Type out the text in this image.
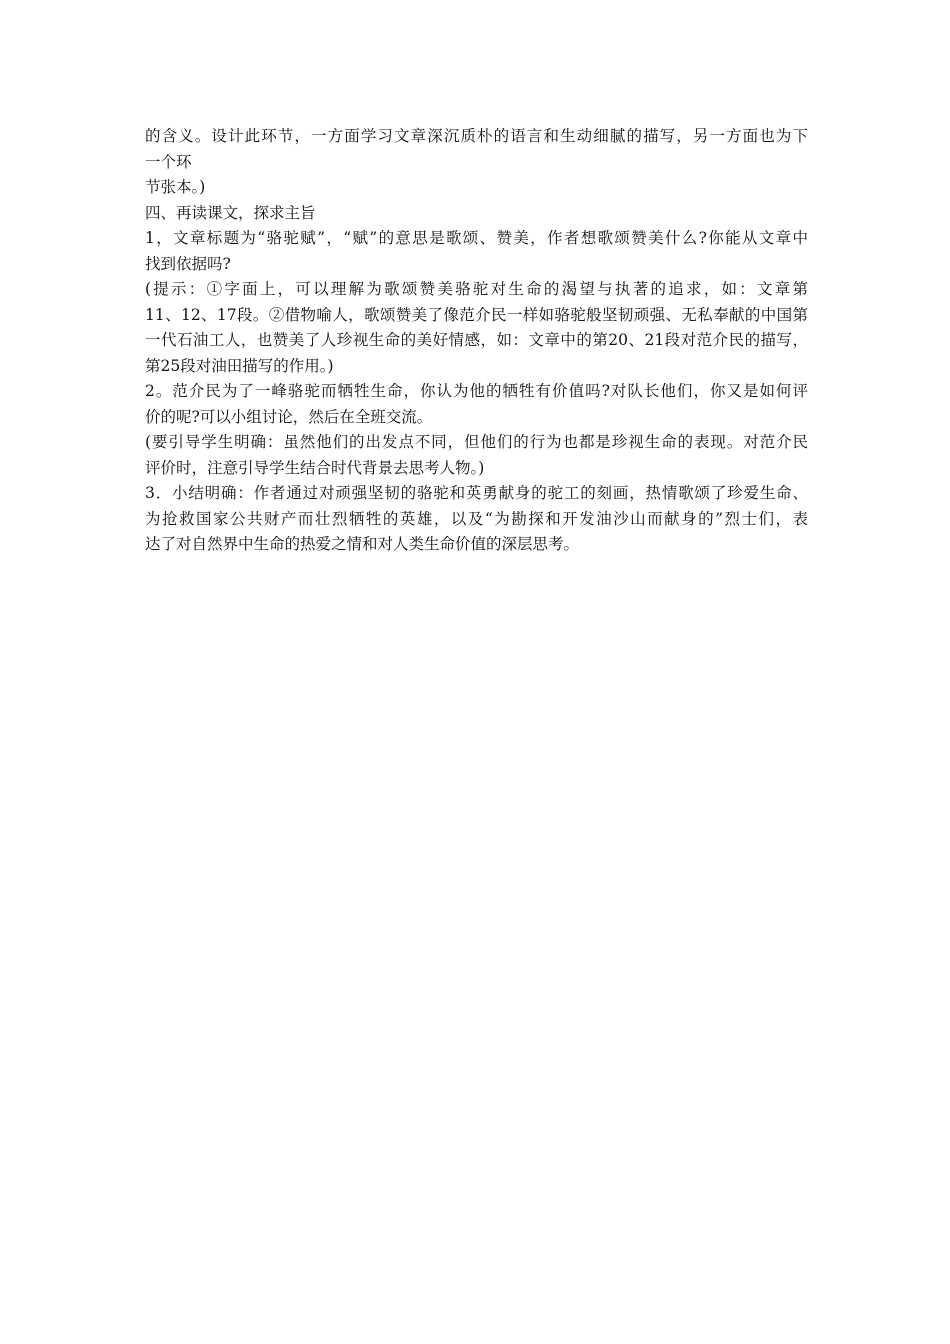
的含义。设计此环节，一方面学习文章深沉质朴的语言和生动细腻的描写，另一方面也为下
一个环
节张本。)
四、再读课文，探求主旨
1，文章标题为“骆驼赋”，“赋”的意思是歌颂、赞美，作者想歌颂赞美什么?你能从文章中
找到依据吗?
(提示：①字面上，可以理解为歌颂赞美骆驼对生命的渴望与执著的追求，如：文章第
11、12、17段。②借物喻人，歌颂赞美了像范介民一样如骆驼般坚韧顽强、无私奉献的中国第
一代石油工人，也赞美了人珍视生命的美好情感，如：文章中的第20、21段对范介民的描写，
第25段对油田描写的作用。)
2。范介民为了一峰骆驼而牺牲生命，你认为他的牺牲有价值吗?对队长他们，你又是如何评
价的呢?可以小组讨论，然后在全班交流。
(要引导学生明确：虽然他们的出发点不同，但他们的行为也都是珍视生命的表现。对范介民
评价时，注意引导学生结合时代背景去思考人物。)
3．小结明确：作者通过对顽强坚韧的骆驼和英勇献身的驼工的刻画，热情歌颂了珍爱生命、
为抢救国家公共财产而壮烈牺牲的英雄，以及“为勘探和开发油沙山而献身的”烈士们，表
达了对自然界中生命的热爱之情和对人类生命价值的深层思考。
